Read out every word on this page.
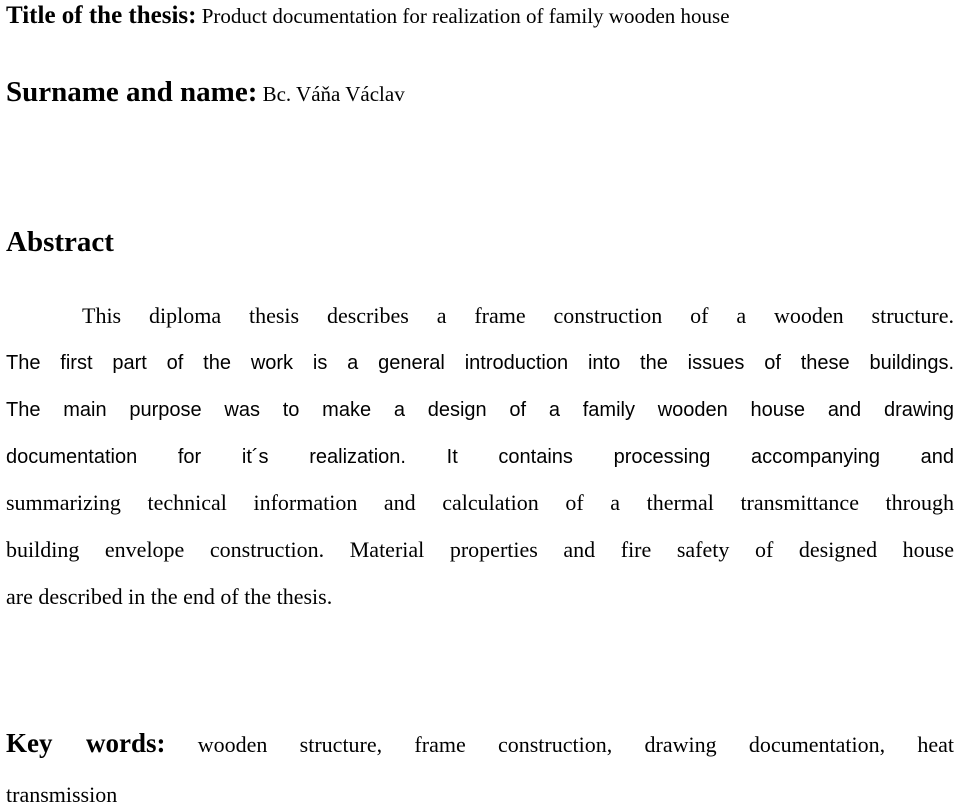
Title of the thesis: Product documentation for realization of family wooden house
Surname and name: Bc. Váňa Václav
Abstract
This diploma thesis describes a frame construction of a wooden structure.
The first part of the work is a general introduction into the issues of these buildings.
The main purpose was to make a design of a family wooden house and drawing
documentation for it´s realization. It contains processing accompanying and
summarizing technical information and calculation of a thermal transmittance through
building envelope construction. Material properties and fire safety of designed house
are described in the end of the thesis.
Key words: wooden structure, frame construction, drawing documentation, heat
transmission
